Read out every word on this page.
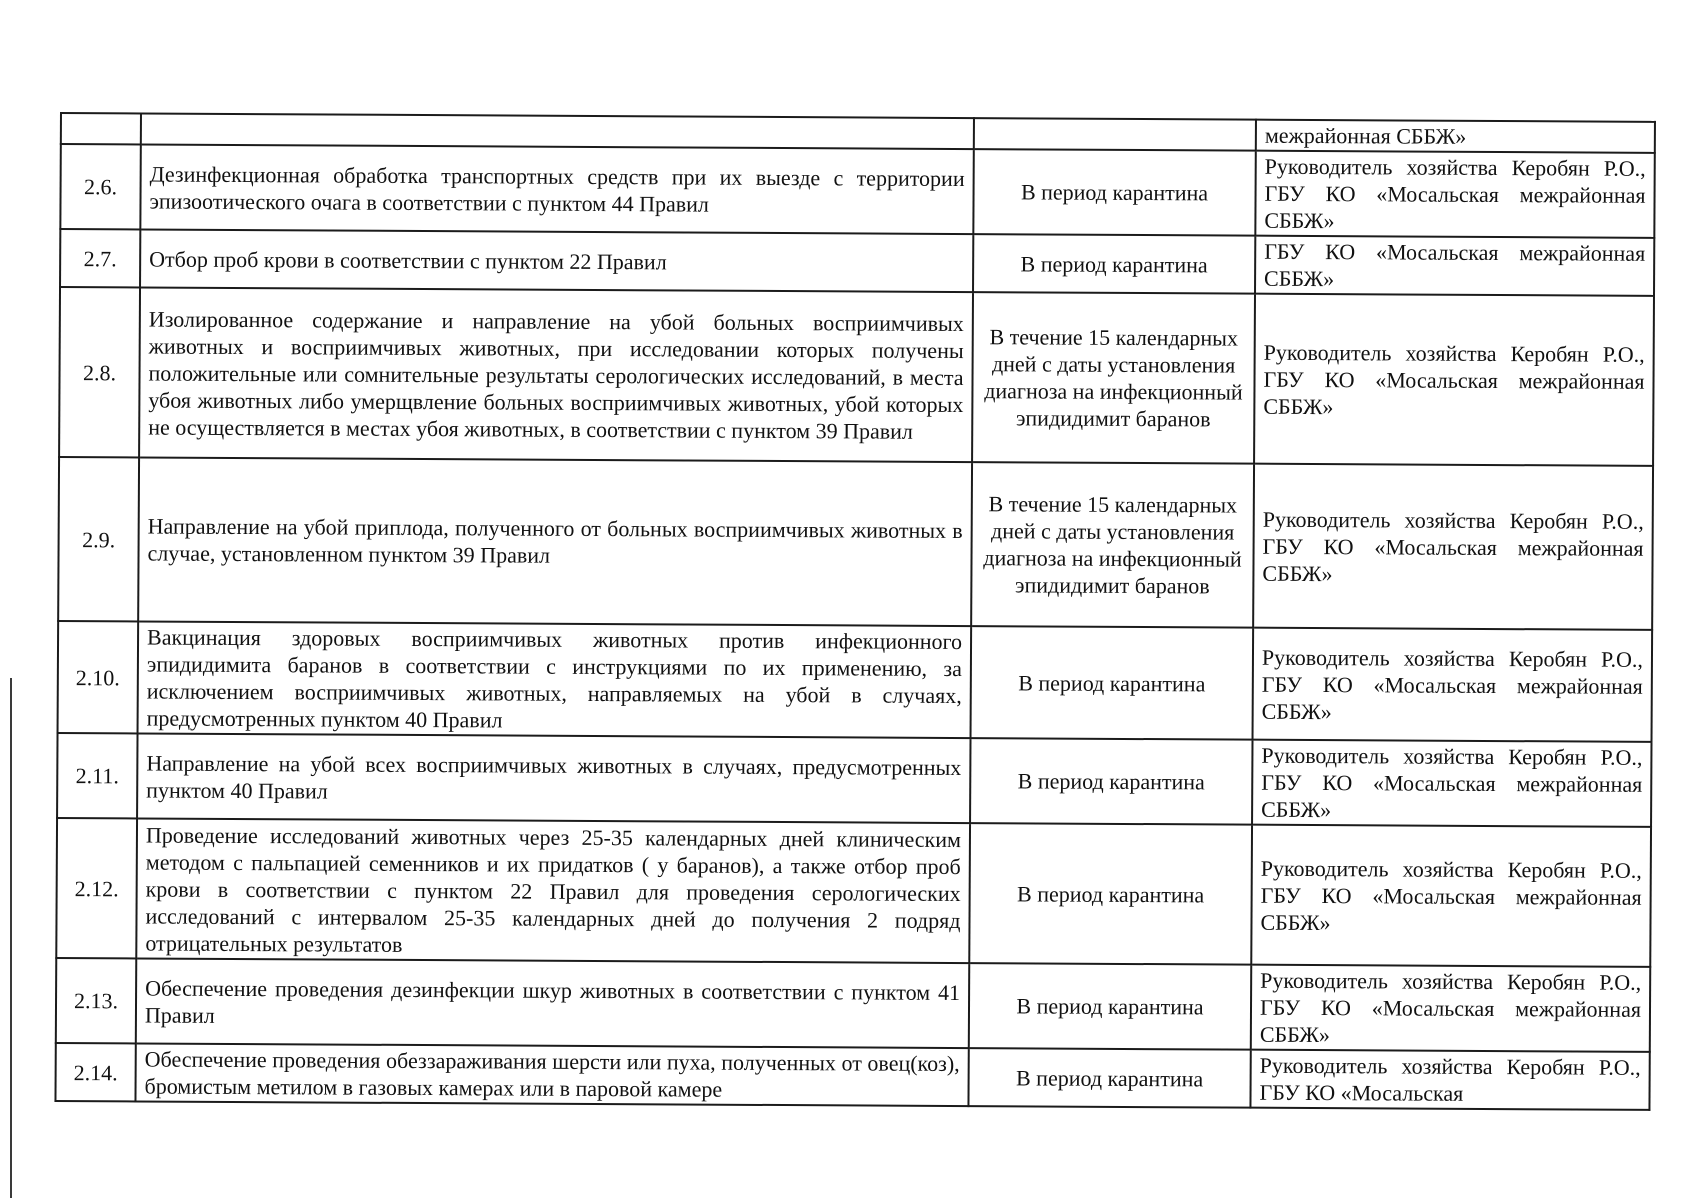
			межрайонная СББЖ»
2.6.	Дезинфекционная обработка транспортных средств при их выезде с территории эпизоотического очага в соответствии с пунктом 44 Правил	В период карантина	Руководитель хозяйства Керобян Р.О., ГБУ КО «Мосальская межрайонная СББЖ»
2.7.	Отбор проб крови в соответствии с пунктом 22 Правил	В период карантина	ГБУ КО «Мосальская межрайонная СББЖ»
2.8.	Изолированное содержание и направление на убой больных восприимчивых животных и восприимчивых животных, при исследовании которых получены положительные или сомнительные результаты серологических исследований, в места убоя животных либо умерщвление больных восприимчивых животных, убой которых не осуществляется в местах убоя животных, в соответствии с пунктом 39 Правил	В течение 15 календарных дней с даты установления диагноза на инфекционный эпидидимит баранов	Руководитель хозяйства Керобян Р.О., ГБУ КО «Мосальская межрайонная СББЖ»
2.9.	Направление на убой приплода, полученного от больных восприимчивых животных в случае, установленном пунктом 39 Правил	В течение 15 календарных дней с даты установления диагноза на инфекционный эпидидимит баранов	Руководитель хозяйства Керобян Р.О., ГБУ КО «Мосальская межрайонная СББЖ»
2.10.	Вакцинация здоровых восприимчивых животных против инфекционного эпидидимита баранов в соответствии с инструкциями по их применению, за исключением восприимчивых животных, направляемых на убой в случаях, предусмотренных пунктом 40 Правил	В период карантина	Руководитель хозяйства Керобян Р.О., ГБУ КО «Мосальская межрайонная СББЖ»
2.11.	Направление на убой всех восприимчивых животных в случаях, предусмотренных пунктом 40 Правил	В период карантина	Руководитель хозяйства Керобян Р.О., ГБУ КО «Мосальская межрайонная СББЖ»
2.12.	Проведение исследований животных через 25-35 календарных дней клиническим методом с пальпацией семенников и их придатков ( у баранов), а также отбор проб крови в соответствии с пунктом 22 Правил для проведения серологических исследований с интервалом 25-35 календарных дней до получения 2 подряд отрицательных результатов	В период карантина	Руководитель хозяйства Керобян Р.О., ГБУ КО «Мосальская межрайонная СББЖ»
2.13.	Обеспечение проведения дезинфекции шкур животных в соответствии с пунктом 41 Правил	В период карантина	Руководитель хозяйства Керобян Р.О., ГБУ КО «Мосальская межрайонная СББЖ»
2.14.	Обеспечение проведения обеззараживания шерсти или пуха, полученных от овец(коз), бромистым метилом в газовых камерах или в паровой камере	В период карантина	Руководитель хозяйства Керобян Р.О., ГБУ КО «Мосальская
